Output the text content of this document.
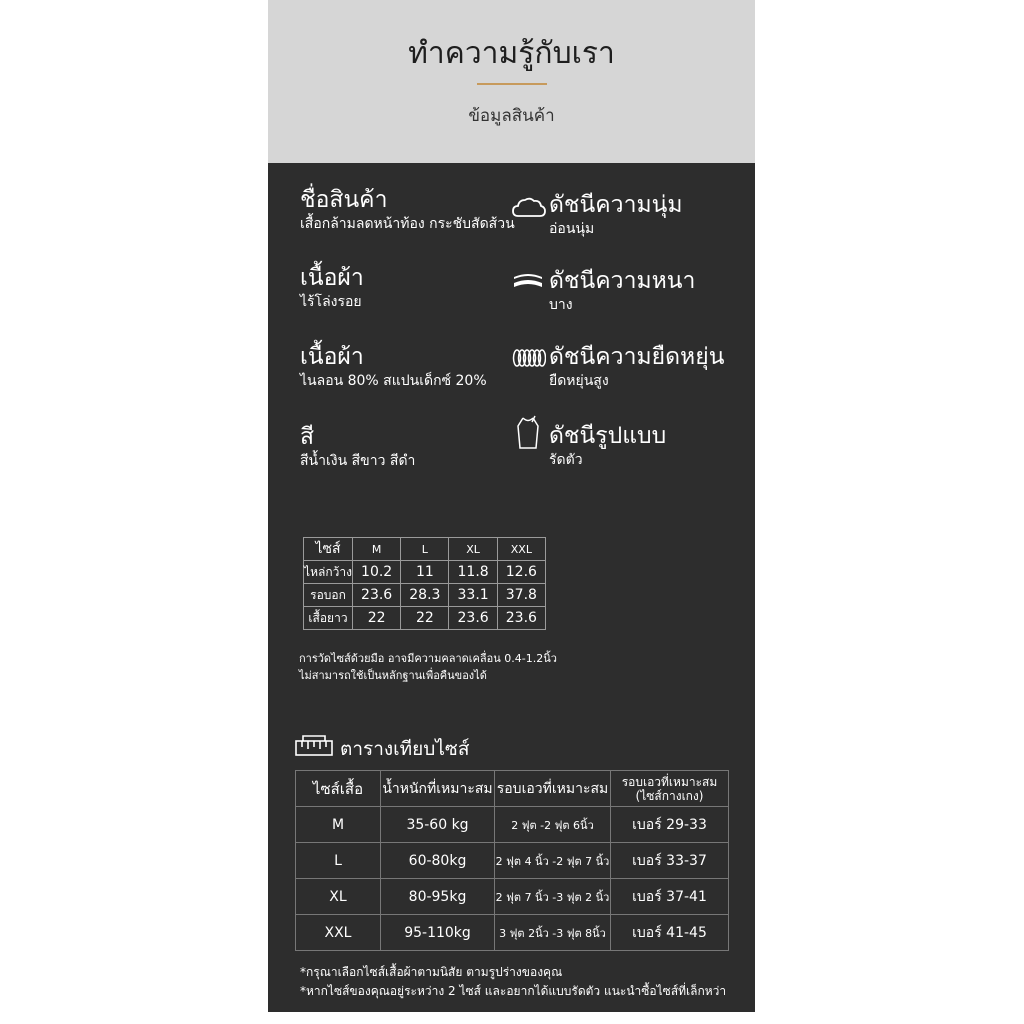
ทำความรู้กับเรา
ข้อมูลสินค้า
ชื่อสินค้า
เสื้อกล้ามลดหน้าท้อง กระชับสัดส้วน
เนื้อผ้า
ไร้โล่งรอย
เนื้อผ้า
ไนลอน 80% สแปนเด็กซ์ 20%
สี
สีน้ำเงิน สีขาว สีดำ
ดัชนีความนุ่ม
อ่อนนุ่ม
ดัชนีความหนา
บาง
ดัชนีความยืดหยุ่น
ยืดหยุ่นสูง
ดัชนีรูปแบบ
รัดตัว
ไซส์	M	L	XL	XXL
ไหล่กว้าง	10.2	11	11.8	12.6
รอบอก	23.6	28.3	33.1	37.8
เสื้อยาว	22	22	23.6	23.6
การวัดไซส์ด้วยมือ อาจมีความคลาดเคลื่อน 0.4-1.2นิ้ว
ไม่สามารถใช้เป็นหลักฐานเพื่อคืนของได้
ตารางเทียบไซส์
ไซส์เสื้อ	น้ำหนักที่เหมาะสม	รอบเอวที่เหมาะสม	รอบเอวที่เหมาะสม
(ไซส์กางเกง)
M	35-60 kg	2 ฟุต -2 ฟุต 6นิ้ว	เบอร์ 29-33
L	60-80kg	2 ฟุต 4 นิ้ว -2 ฟุต 7 นิ้ว	เบอร์ 33-37
XL	80-95kg	2 ฟุต 7 นิ้ว -3 ฟุต 2 นิ้ว	เบอร์ 37-41
XXL	95-110kg	3 ฟุต 2นิ้ว -3 ฟุต 8นิ้ว	เบอร์ 41-45
*กรุณาเลือกไซส์เสื้อผ้าตามนิสัย ตามรูปร่างของคุณ
*หากไซส์ของคุณอยู่ระหว่าง 2 ไซส์ และอยากได้แบบรัดตัว แนะนำซื้อไซส์ที่เล็กหว่า
